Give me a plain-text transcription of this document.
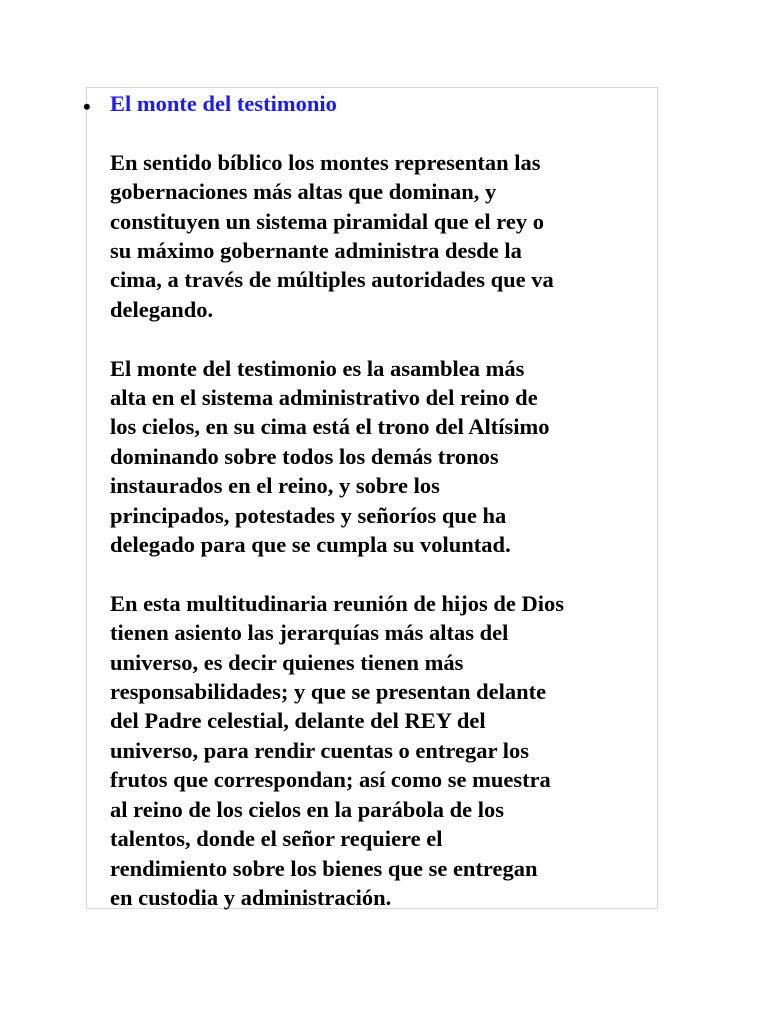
• El monte del testimonio

En sentido bíblico los montes representan las
gobernaciones más altas que dominan, y
constituyen un sistema piramidal que el rey o
su máximo gobernante administra desde la
cima, a través de múltiples autoridades que va
delegando.

El monte del testimonio es la asamblea más
alta en el sistema administrativo del reino de
los cielos, en su cima está el trono del Altísimo
dominando sobre todos los demás tronos
instaurados en el reino, y sobre los
principados, potestades y señoríos que ha
delegado para que se cumpla su voluntad.

En esta multitudinaria reunión de hijos de Dios
tienen asiento las jerarquías más altas del
universo, es decir quienes tienen más
responsabilidades; y que se presentan delante
del Padre celestial, delante del REY del
universo, para rendir cuentas o entregar los
frutos que correspondan; así como se muestra
al reino de los cielos en la parábola de los
talentos, donde el señor requiere el
rendimiento sobre los bienes que se entregan
en custodia y administración.
